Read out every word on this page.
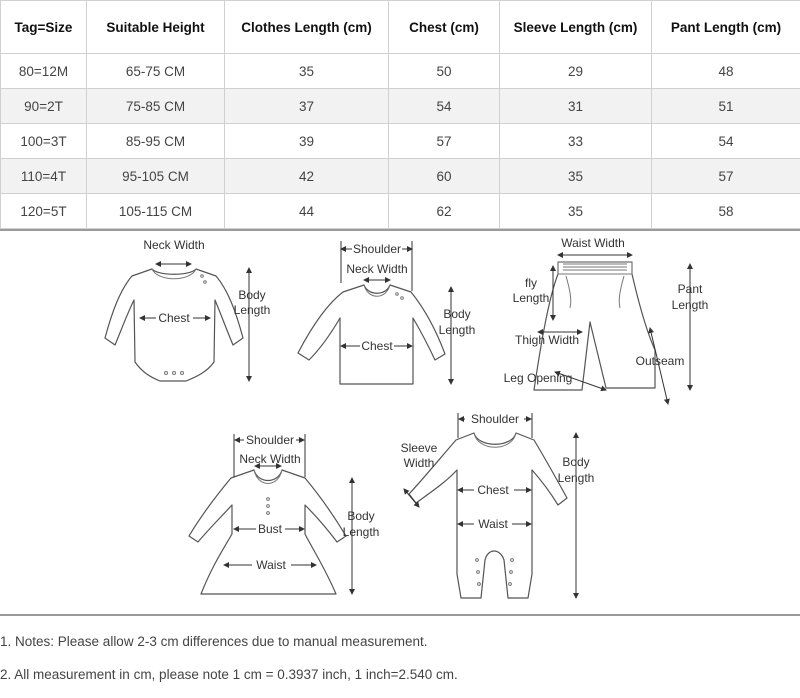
Tag=Size	Suitable Height	Clothes Length (cm)	Chest (cm)	Sleeve Length (cm)	Pant Length (cm)
80=12M	65-75 CM	35	50	29	48
90=2T	75-85 CM	37	54	31	51
100=3T	85-95 CM	39	57	33	54
110=4T	95-105 CM	42	60	35	57
120=5T	105-115 CM	44	62	35	58
Neck Width
Chest
Body
Length
Shoulder
Neck Width
Chest
Body
Length
Waist Width
fly
Length
Thigh Width
Leg Opening
Pant
Length
Outseam
Shoulder
Neck Width
Bust
Waist
Body
Length
Shoulder
Sleeve
Width
Chest
Waist
Body
Length
1. Notes: Please allow 2-3 cm differences due to manual measurement.
2. All measurement in cm, please note 1 cm = 0.3937 inch, 1 inch=2.540 cm.
